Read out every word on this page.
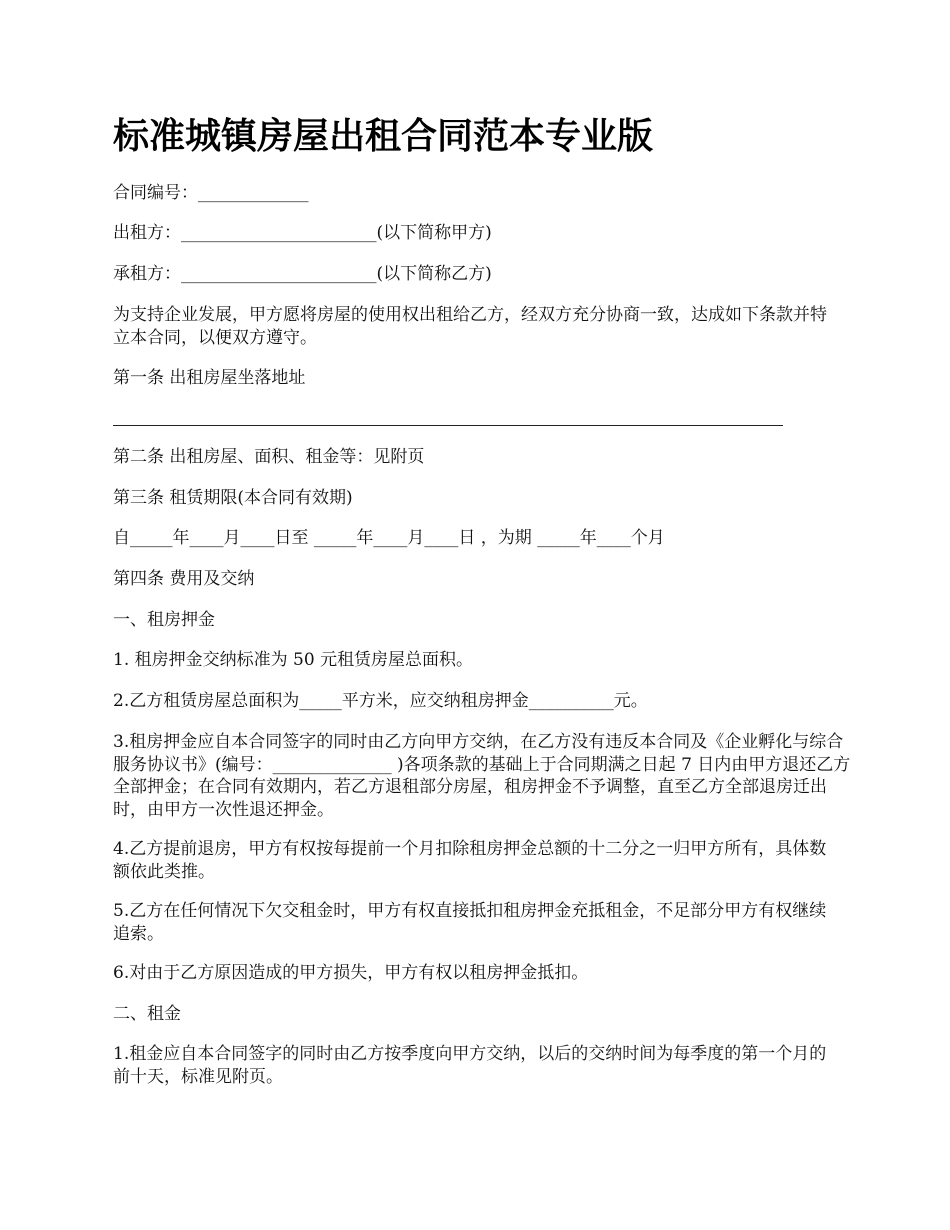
标准城镇房屋出租合同范本专业版

合同编号：_____________

出租方：_______________________(以下简称甲方)

承租方：_______________________(以下简称乙方)

为支持企业发展，甲方愿将房屋的使用权出租给乙方，经双方充分协商一致，达成如下条款并特立本合同，以便双方遵守。

第一条 出租房屋坐落地址

第二条 出租房屋、面积、租金等：见附页

第三条 租赁期限(本合同有效期)

自_____年____月____日至 _____年____月____日 ，为期 _____年____个月

第四条 费用及交纳

一、租房押金

1. 租房押金交纳标准为 50 元租赁房屋总面积。

2.乙方租赁房屋总面积为_____平方米，应交纳租房押金__________元。

3.租房押金应自本合同签字的同时由乙方向甲方交纳，在乙方没有违反本合同及《企业孵化与综合服务协议书》(编号：______________ )各项条款的基础上于合同期满之日起 7 日内由甲方退还乙方全部押金；在合同有效期内，若乙方退租部分房屋，租房押金不予调整，直至乙方全部退房迁出时，由甲方一次性退还押金。

4.乙方提前退房，甲方有权按每提前一个月扣除租房押金总额的十二分之一归甲方所有，具体数额依此类推。

5.乙方在任何情况下欠交租金时，甲方有权直接抵扣租房押金充抵租金，不足部分甲方有权继续追索。

6.对由于乙方原因造成的甲方损失，甲方有权以租房押金抵扣。

二、租金

1.租金应自本合同签字的同时由乙方按季度向甲方交纳，以后的交纳时间为每季度的第一个月的前十天，标准见附页。
